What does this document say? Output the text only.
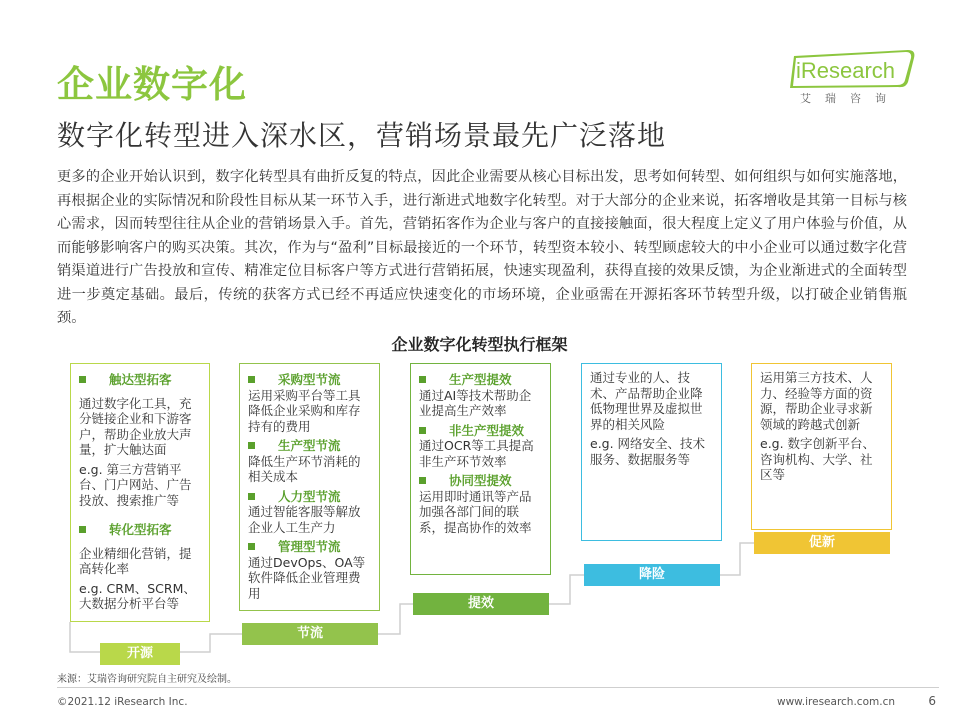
企业数字化
数字化转型进入深水区，营销场景最先广泛落地
iResearch
艾瑞咨询
更多的企业开始认识到，数字化转型具有曲折反复的特点，因此企业需要从核心目标出发，思考如何转型、如何组织与如何实施落地，再根据企业的实际情况和阶段性目标从某一环节入手，进行渐进式地数字化转型。对于大部分的企业来说，拓客增收是其第一目标与核心需求，因而转型往往从企业的营销场景入手。首先，营销拓客作为企业与客户的直接接触面，很大程度上定义了用户体验与价值，从而能够影响客户的购买决策。其次，作为与“盈利”目标最接近的一个环节，转型资本较小、转型顾虑较大的中小企业可以通过数字化营销渠道进行广告投放和宣传、精准定位目标客户等方式进行营销拓展，快速实现盈利，获得直接的效果反馈，为企业渐进式的全面转型进一步奠定基础。最后，传统的获客方式已经不再适应快速变化的市场环境，企业亟需在开源拓客环节转型升级，以打破企业销售瓶颈。
企业数字化转型执行框架
触达型拓客

通过数字化工具，充分链接企业和下游客户，帮助企业放大声量，扩大触达面

e.g. 第三方营销平台、门户网站、广告投放、搜索推广等

转化型拓客

企业精细化营销，提高转化率

e.g. CRM、SCRM、大数据分析平台等

采购型节流

运用采购平台等工具降低企业采购和库存持有的费用

生产型节流

降低生产环节消耗的相关成本

人力型节流

通过智能客服等解放企业人工生产力

管理型节流

通过DevOps、OA等软件降低企业管理费用

生产型提效

通过AI等技术帮助企业提高生产效率

非生产型提效

通过OCR等工具提高非生产环节效率

协同型提效

运用即时通讯等产品加强各部门间的联系，提高协作的效率

通过专业的人、技术、产品帮助企业降低物理世界及虚拟世界的相关风险

e.g. 网络安全、技术服务、数据服务等

运用第三方技术、人力、经验等方面的资源，帮助企业寻求新领域的跨越式创新

e.g. 数字创新平台、咨询机构、大学、社区等

开源
节流
提效
降险
促新
来源：艾瑞咨询研究院自主研究及绘制。
©2021.12 iResearch Inc.	www.iresearch.com.cn	6
